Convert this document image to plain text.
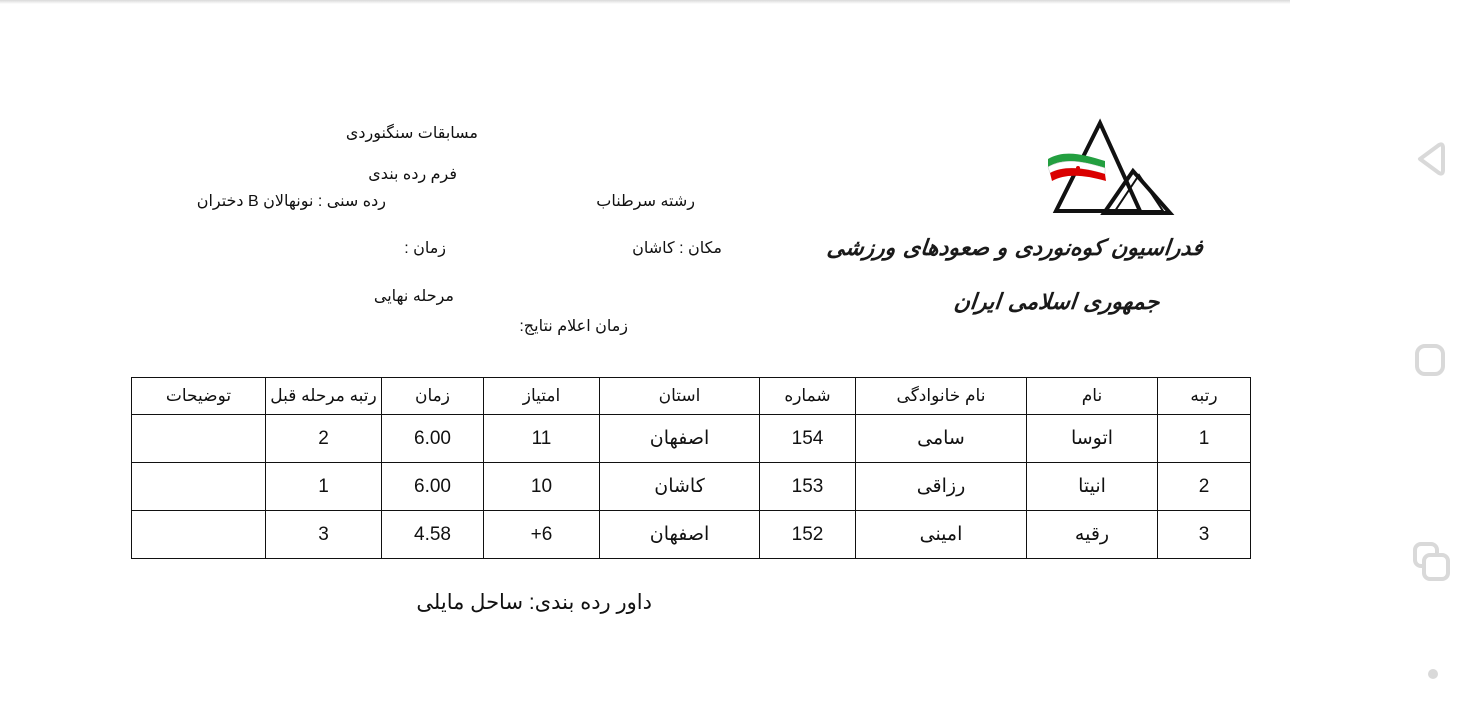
فدراسیون کوه‌نوردی و صعودهای ورزشی
جمهوری اسلامی ایران
مسابقات سنگنوردی
فرم رده بندی
رشته سرطناب
رده سنی : نونهالان B دختران
مکان : کاشان
زمان :
مرحله نهایی
زمان اعلام نتایج:
رتبه	نام	نام خانوادگی	شماره	استان	امتیاز	زمان	رتبه مرحله قبل	توضیحات
1	اتوسا	سامی	154	اصفهان	11	6.00	2	
2	انیتا	رزاقی	153	کاشان	10	6.00	1	
3	رقیه	امینی	152	اصفهان	6+	4.58	3	
داور رده بندی: ساحل مایلی
